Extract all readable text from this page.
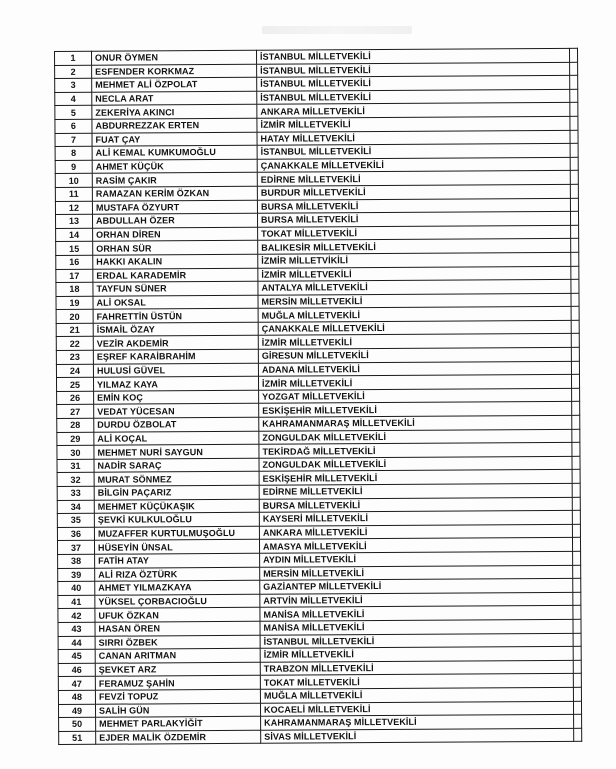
1	ONUR ÖYMEN	İSTANBUL MİLLETVEKİLİ	
2	ESFENDER KORKMAZ	İSTANBUL MİLLETVEKİLİ	
3	MEHMET ALİ ÖZPOLAT	İSTANBUL MİLLETVEKİLİ	
4	NECLA ARAT	İSTANBUL MİLLETVEKİLİ	
5	ZEKERİYA AKINCI	ANKARA MİLLETVEKİLİ	
6	ABDURREZZAK ERTEN	İZMİR MİLLETVEKİLİ	
7	FUAT ÇAY	HATAY MİLLETVEKİLİ	
8	ALİ KEMAL KUMKUMOĞLU	İSTANBUL MİLLETVEKİLİ	
9	AHMET KÜÇÜK	ÇANAKKALE MİLLETVEKİLİ	
10	RASİM ÇAKIR	EDİRNE MİLLETVEKİLİ	
11	RAMAZAN KERİM ÖZKAN	BURDUR MİLLETVEKİLİ	
12	MUSTAFA ÖZYURT	BURSA MİLLETVEKİLİ	
13	ABDULLAH ÖZER	BURSA MİLLETVEKİLİ	
14	ORHAN DİREN	TOKAT MİLLETVEKİLİ	
15	ORHAN SÜR	BALIKESİR MİLLETVEKİLİ	
16	HAKKI AKALIN	İZMİR MİLLETVİKİLİ	
17	ERDAL KARADEMİR	İZMİR MİLLETVEKİLİ	
18	TAYFUN SÜNER	ANTALYA MİLLETVEKİLİ	
19	ALİ OKSAL	MERSİN MİLLETVEKİLİ	
20	FAHRETTİN ÜSTÜN	MUĞLA MİLLETVEKİLİ	
21	İSMAİL ÖZAY	ÇANAKKALE MİLLETVEKİLİ	
22	VEZİR AKDEMİR	İZMİR MİLLETVEKİLİ	
23	EŞREF KARAİBRAHİM	GİRESUN MİLLETVEKİLİ	
24	HULUSİ GÜVEL	ADANA MİLLETVEKİLİ	
25	YILMAZ KAYA	İZMİR MİLLETVEKİLİ	
26	EMİN KOÇ	YOZGAT MİLLETVEKİLİ	
27	VEDAT YÜCESAN	ESKİŞEHİR MİLLETVEKİLİ	
28	DURDU ÖZBOLAT	KAHRAMANMARAŞ MİLLETVEKİLİ	
29	ALİ KOÇAL	ZONGULDAK MİLLETVEKİLİ	
30	MEHMET NURİ SAYGUN	TEKİRDAĞ MİLLETVEKİLİ	
31	NADİR SARAÇ	ZONGULDAK MİLLETVEKİLİ	
32	MURAT SÖNMEZ	ESKİŞEHİR MİLLETVEKİLİ	
33	BİLGİN PAÇARIZ	EDİRNE MİLLETVEKİLİ	
34	MEHMET KÜÇÜKAŞIK	BURSA MİLLETVEKİLİ	
35	ŞEVKİ KULKULOĞLU	KAYSERİ MİLLETVEKİLİ	
36	MUZAFFER KURTULMUŞOĞLU	ANKARA MİLLETVEKİLİ	
37	HÜSEYİN ÜNSAL	AMASYA MİLLETVEKİLİ	
38	FATİH ATAY	AYDIN MİLLETVEKİLİ	
39	ALİ RIZA ÖZTÜRK	MERSİN MİLLETVEKİLİ	
40	AHMET YILMAZKAYA	GAZİANTEP MİLLETVEKİLİ	
41	YÜKSEL ÇORBACIOĞLU	ARTVİN MİLLETVEKİLİ	
42	UFUK ÖZKAN	MANİSA MİLLETVEKİLİ	
43	HASAN ÖREN	MANİSA MİLLETVEKİLİ	
44	SIRRI ÖZBEK	İSTANBUL MİLLETVEKİLİ	
45	CANAN ARITMAN	İZMİR MİLLETVEKİLİ	
46	ŞEVKET ARZ	TRABZON MİLLETVEKİLİ	
47	FERAMUZ ŞAHİN	TOKAT MİLLETVEKİLİ	
48	FEVZİ TOPUZ	MUĞLA MİLLETVEKİLİ	
49	SALİH GÜN	KOCAELİ MİLLETVEKİLİ	
50	MEHMET PARLAKYİĞİT	KAHRAMANMARAŞ MİLLETVEKİLİ	
51	EJDER MALİK ÖZDEMİR	SİVAS MİLLETVEKİLİ	
